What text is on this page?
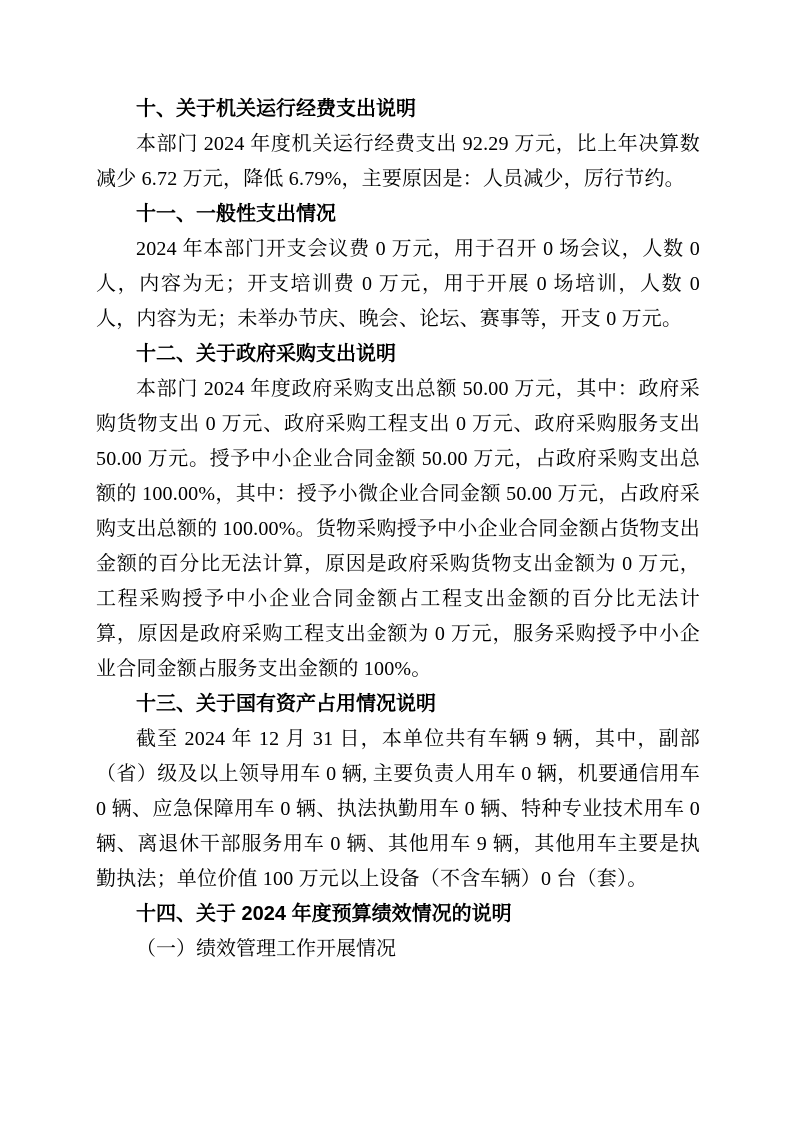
十、关于机关运行经费支出说明

本部门 2024 年度机关运行经费支出 92.29 万元，比上年决算数减少 6.72 万元，降低 6.79%，主要原因是：人员减少，厉行节约。

十一、一般性支出情况

2024 年本部门开支会议费 0 万元，用于召开 0 场会议，人数 0 人，内容为无；开支培训费 0 万元，用于开展 0 场培训，人数 0 人，内容为无；未举办节庆、晚会、论坛、赛事等，开支 0 万元。

十二、关于政府采购支出说明

本部门 2024 年度政府采购支出总额 50.00 万元，其中：政府采购货物支出 0 万元、政府采购工程支出 0 万元、政府采购服务支出 50.00 万元。授予中小企业合同金额 50.00 万元，占政府采购支出总额的 100.00%，其中：授予小微企业合同金额 50.00 万元，占政府采购支出总额的 100.00%。货物采购授予中小企业合同金额占货物支出金额的百分比无法计算，原因是政府采购货物支出金额为 0 万元，工程采购授予中小企业合同金额占工程支出金额的百分比无法计算，原因是政府采购工程支出金额为 0 万元，服务采购授予中小企业合同金额占服务支出金额的 100%。

十三、关于国有资产占用情况说明

截至 2024 年 12 月 31 日，本单位共有车辆 9 辆，其中，副部（省）级及以上领导用车 0 辆, 主要负责人用车 0 辆，机要通信用车 0 辆、应急保障用车 0 辆、执法执勤用车 0 辆、特种专业技术用车 0 辆、离退休干部服务用车 0 辆、其他用车 9 辆，其他用车主要是执勤执法；单位价值 100 万元以上设备（不含车辆）0 台（套）。

十四、关于 2024 年度预算绩效情况的说明

（一）绩效管理工作开展情况
